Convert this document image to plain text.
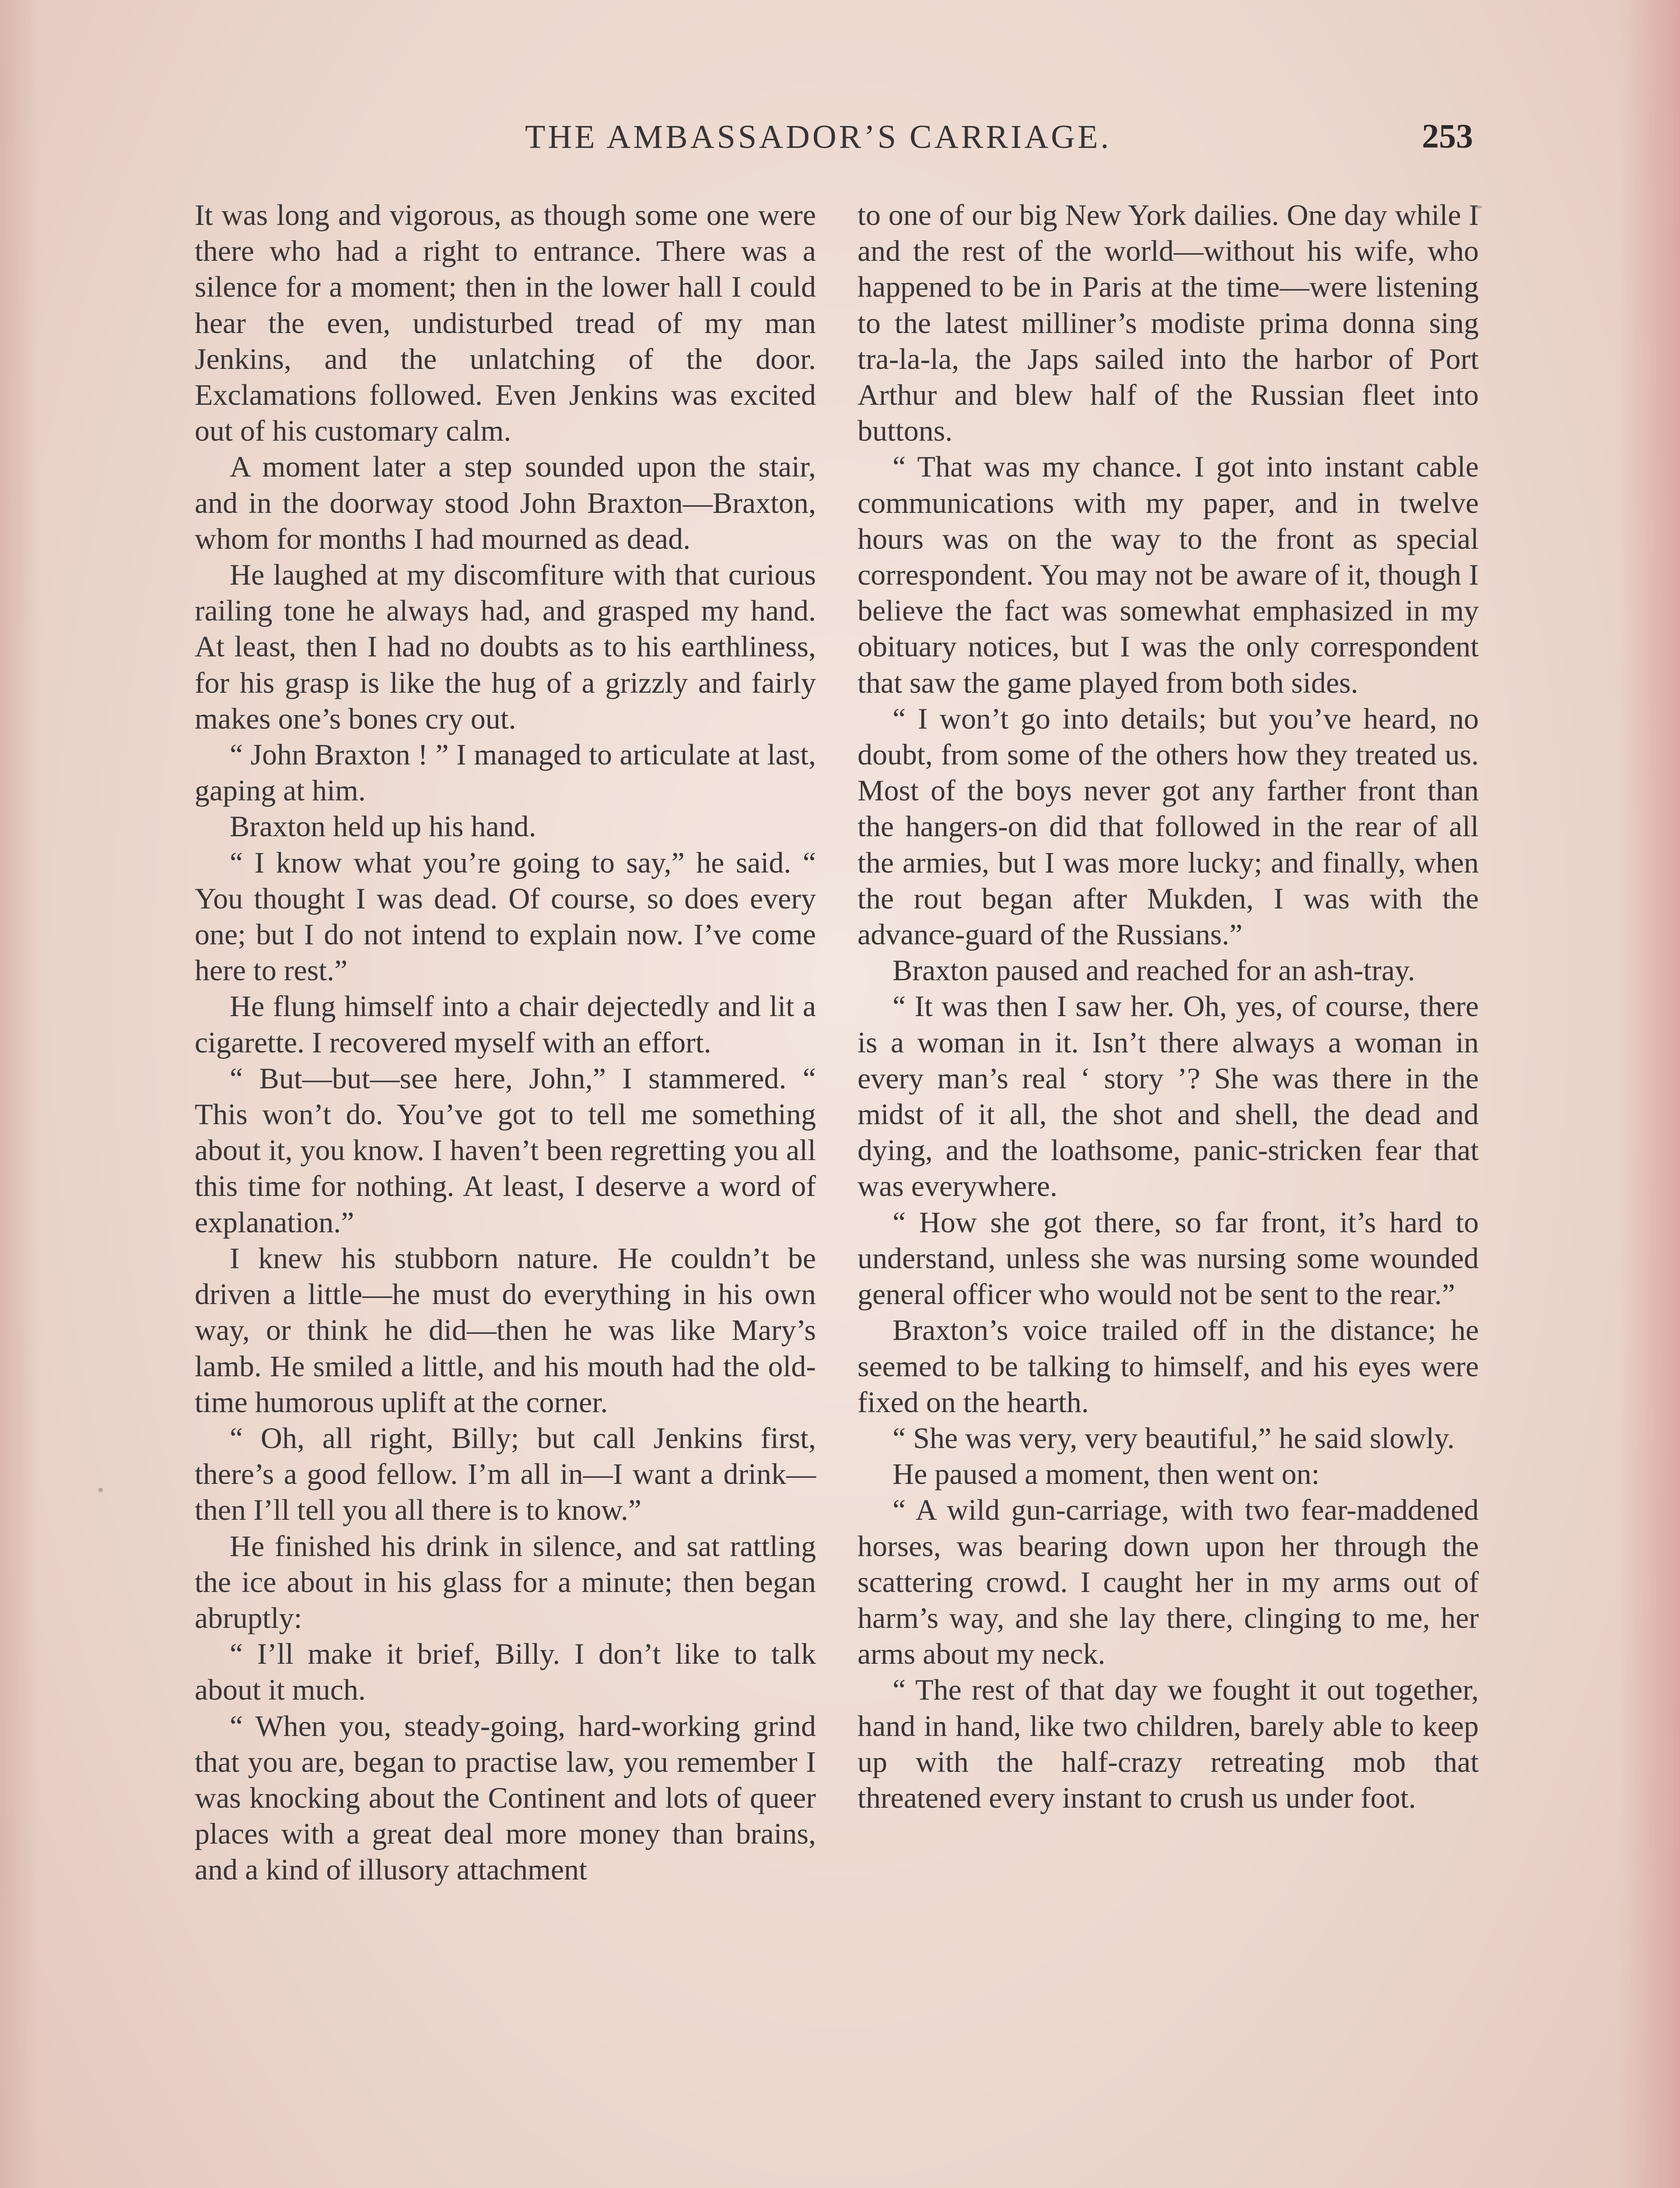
THE AMBASSADOR’S CARRIAGE.	253

It was long and vigorous, as though some one were there who had a right to entrance. There was a silence for a moment; then in the lower hall I could hear the even, undisturbed tread of my man Jenkins, and the unlatching of the door. Exclamations followed. Even Jenkins was excited out of his customary calm.

A moment later a step sounded upon the stair, and in the doorway stood John Braxton—Braxton, whom for months I had mourned as dead.

He laughed at my discomfiture with that curious railing tone he always had, and grasped my hand. At least, then I had no doubts as to his earthliness, for his grasp is like the hug of a grizzly and fairly makes one’s bones cry out.

“ John Braxton ! ” I managed to articulate at last, gaping at him.

Braxton held up his hand.

“ I know what you’re going to say,” he said. “ You thought I was dead. Of course, so does every one; but I do not intend to explain now. I’ve come here to rest.”

He flung himself into a chair dejectedly and lit a cigarette. I recovered myself with an effort.

“ But—but—see here, John,” I stammered. “ This won’t do. You’ve got to tell me something about it, you know. I haven’t been regretting you all this time for nothing. At least, I deserve a word of explanation.”

I knew his stubborn nature. He couldn’t be driven a little—he must do everything in his own way, or think he did—then he was like Mary’s lamb. He smiled a little, and his mouth had the old-time humorous uplift at the corner.

“ Oh, all right, Billy; but call Jenkins first, there’s a good fellow. I’m all in—I want a drink—then I’ll tell you all there is to know.”

He finished his drink in silence, and sat rattling the ice about in his glass for a minute; then began abruptly:

“ I’ll make it brief, Billy. I don’t like to talk about it much.

“ When you, steady-going, hard-working grind that you are, began to practise law, you remember I was knocking about the Continent and lots of queer places with a great deal more money than brains, and a kind of illusory attachment

to one of our big New York dailies. One day while I and the rest of the world—without his wife, who happened to be in Paris at the time—were listening to the latest milliner’s modiste prima donna sing tra-la-la, the Japs sailed into the harbor of Port Arthur and blew half of the Russian fleet into buttons.

“ That was my chance. I got into instant cable communications with my paper, and in twelve hours was on the way to the front as special correspondent. You may not be aware of it, though I believe the fact was somewhat emphasized in my obituary notices, but I was the only correspondent that saw the game played from both sides.

“ I won’t go into details; but you’ve heard, no doubt, from some of the others how they treated us. Most of the boys never got any farther front than the hangers-on did that followed in the rear of all the armies, but I was more lucky; and finally, when the rout began after Mukden, I was with the advance-guard of the Russians.”

Braxton paused and reached for an ash-tray.

“ It was then I saw her. Oh, yes, of course, there is a woman in it. Isn’t there always a woman in every man’s real ‘ story ’? She was there in the midst of it all, the shot and shell, the dead and dying, and the loathsome, panic-stricken fear that was everywhere.

“ How she got there, so far front, it’s hard to understand, unless she was nursing some wounded general officer who would not be sent to the rear.”

Braxton’s voice trailed off in the distance; he seemed to be talking to himself, and his eyes were fixed on the hearth.

“ She was very, very beautiful,” he said slowly.

He paused a moment, then went on:

“ A wild gun-carriage, with two fear-maddened horses, was bearing down upon her through the scattering crowd. I caught her in my arms out of harm’s way, and she lay there, clinging to me, her arms about my neck.

“ The rest of that day we fought it out together, hand in hand, like two children, barely able to keep up with the half-crazy retreating mob that threatened every instant to crush us under foot.
